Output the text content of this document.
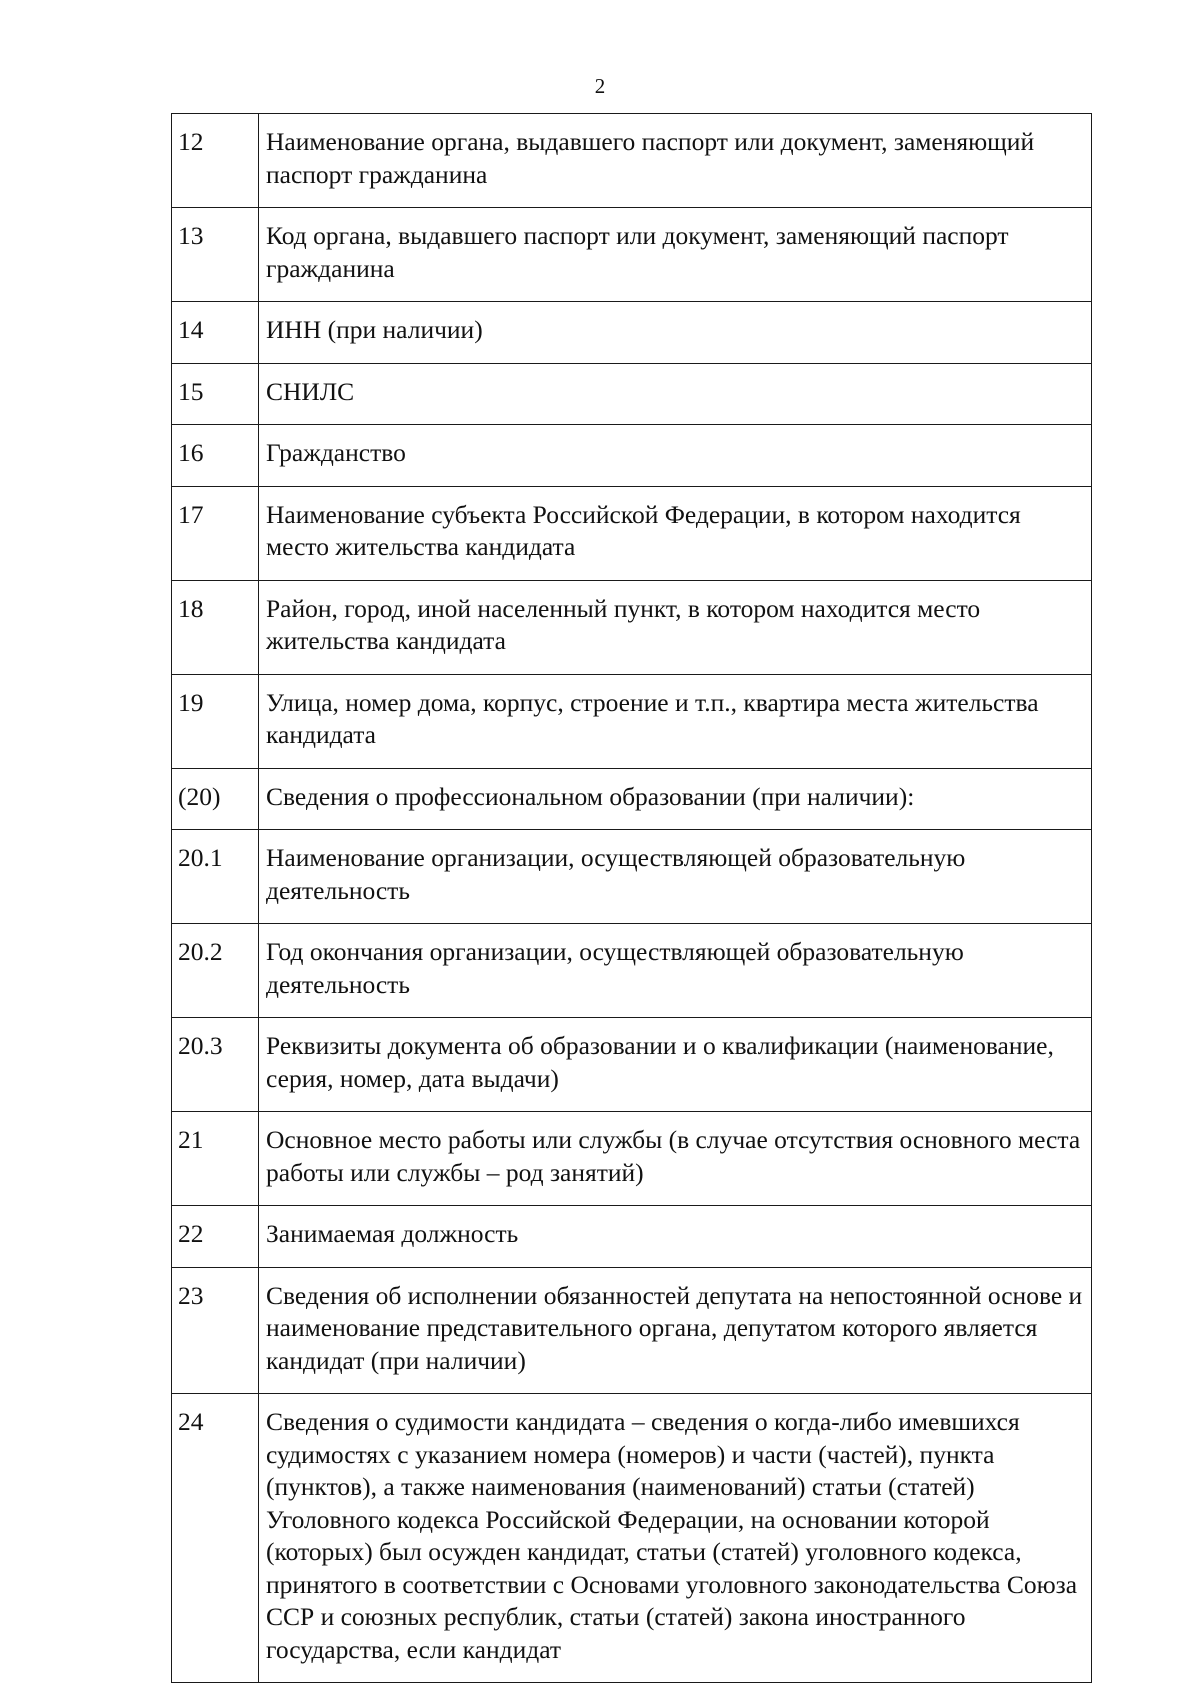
2
12	Наименование органа, выдавшего паспорт или документ, заменяющий паспорт гражданина
13	Код органа, выдавшего паспорт или документ, заменяющий паспорт гражданина
14	ИНН (при наличии)
15	СНИЛС
16	Гражданство
17	Наименование субъекта Российской Федерации, в котором находится место жительства кандидата
18	Район, город, иной населенный пункт, в котором находится место жительства кандидата
19	Улица, номер дома, корпус, строение и т.п., квартира места жительства кандидата
(20)	Сведения о профессиональном образовании (при наличии):
20.1	Наименование организации, осуществляющей образовательную деятельность
20.2	Год окончания организации, осуществляющей образовательную деятельность
20.3	Реквизиты документа об образовании и о квалификации (наименование, серия, номер, дата выдачи)
21	Основное место работы или службы (в случае отсутствия основного места работы или службы – род занятий)
22	Занимаемая должность
23	Сведения об исполнении обязанностей депутата на непостоянной основе и наименование представительного органа, депутатом которого является кандидат (при наличии)
24	Сведения о судимости кандидата – сведения о когда-либо имевшихся судимостях с указанием номера (номеров) и части (частей), пункта (пунктов), а также наименования (наименований) статьи (статей) Уголовного кодекса Российской Федерации, на основании которой (которых) был осужден кандидат, статьи (статей) уголовного кодекса, принятого в соответствии с Основами уголовного законодательства Союза ССР и союзных республик, статьи (статей) закона иностранного государства, если кандидат
